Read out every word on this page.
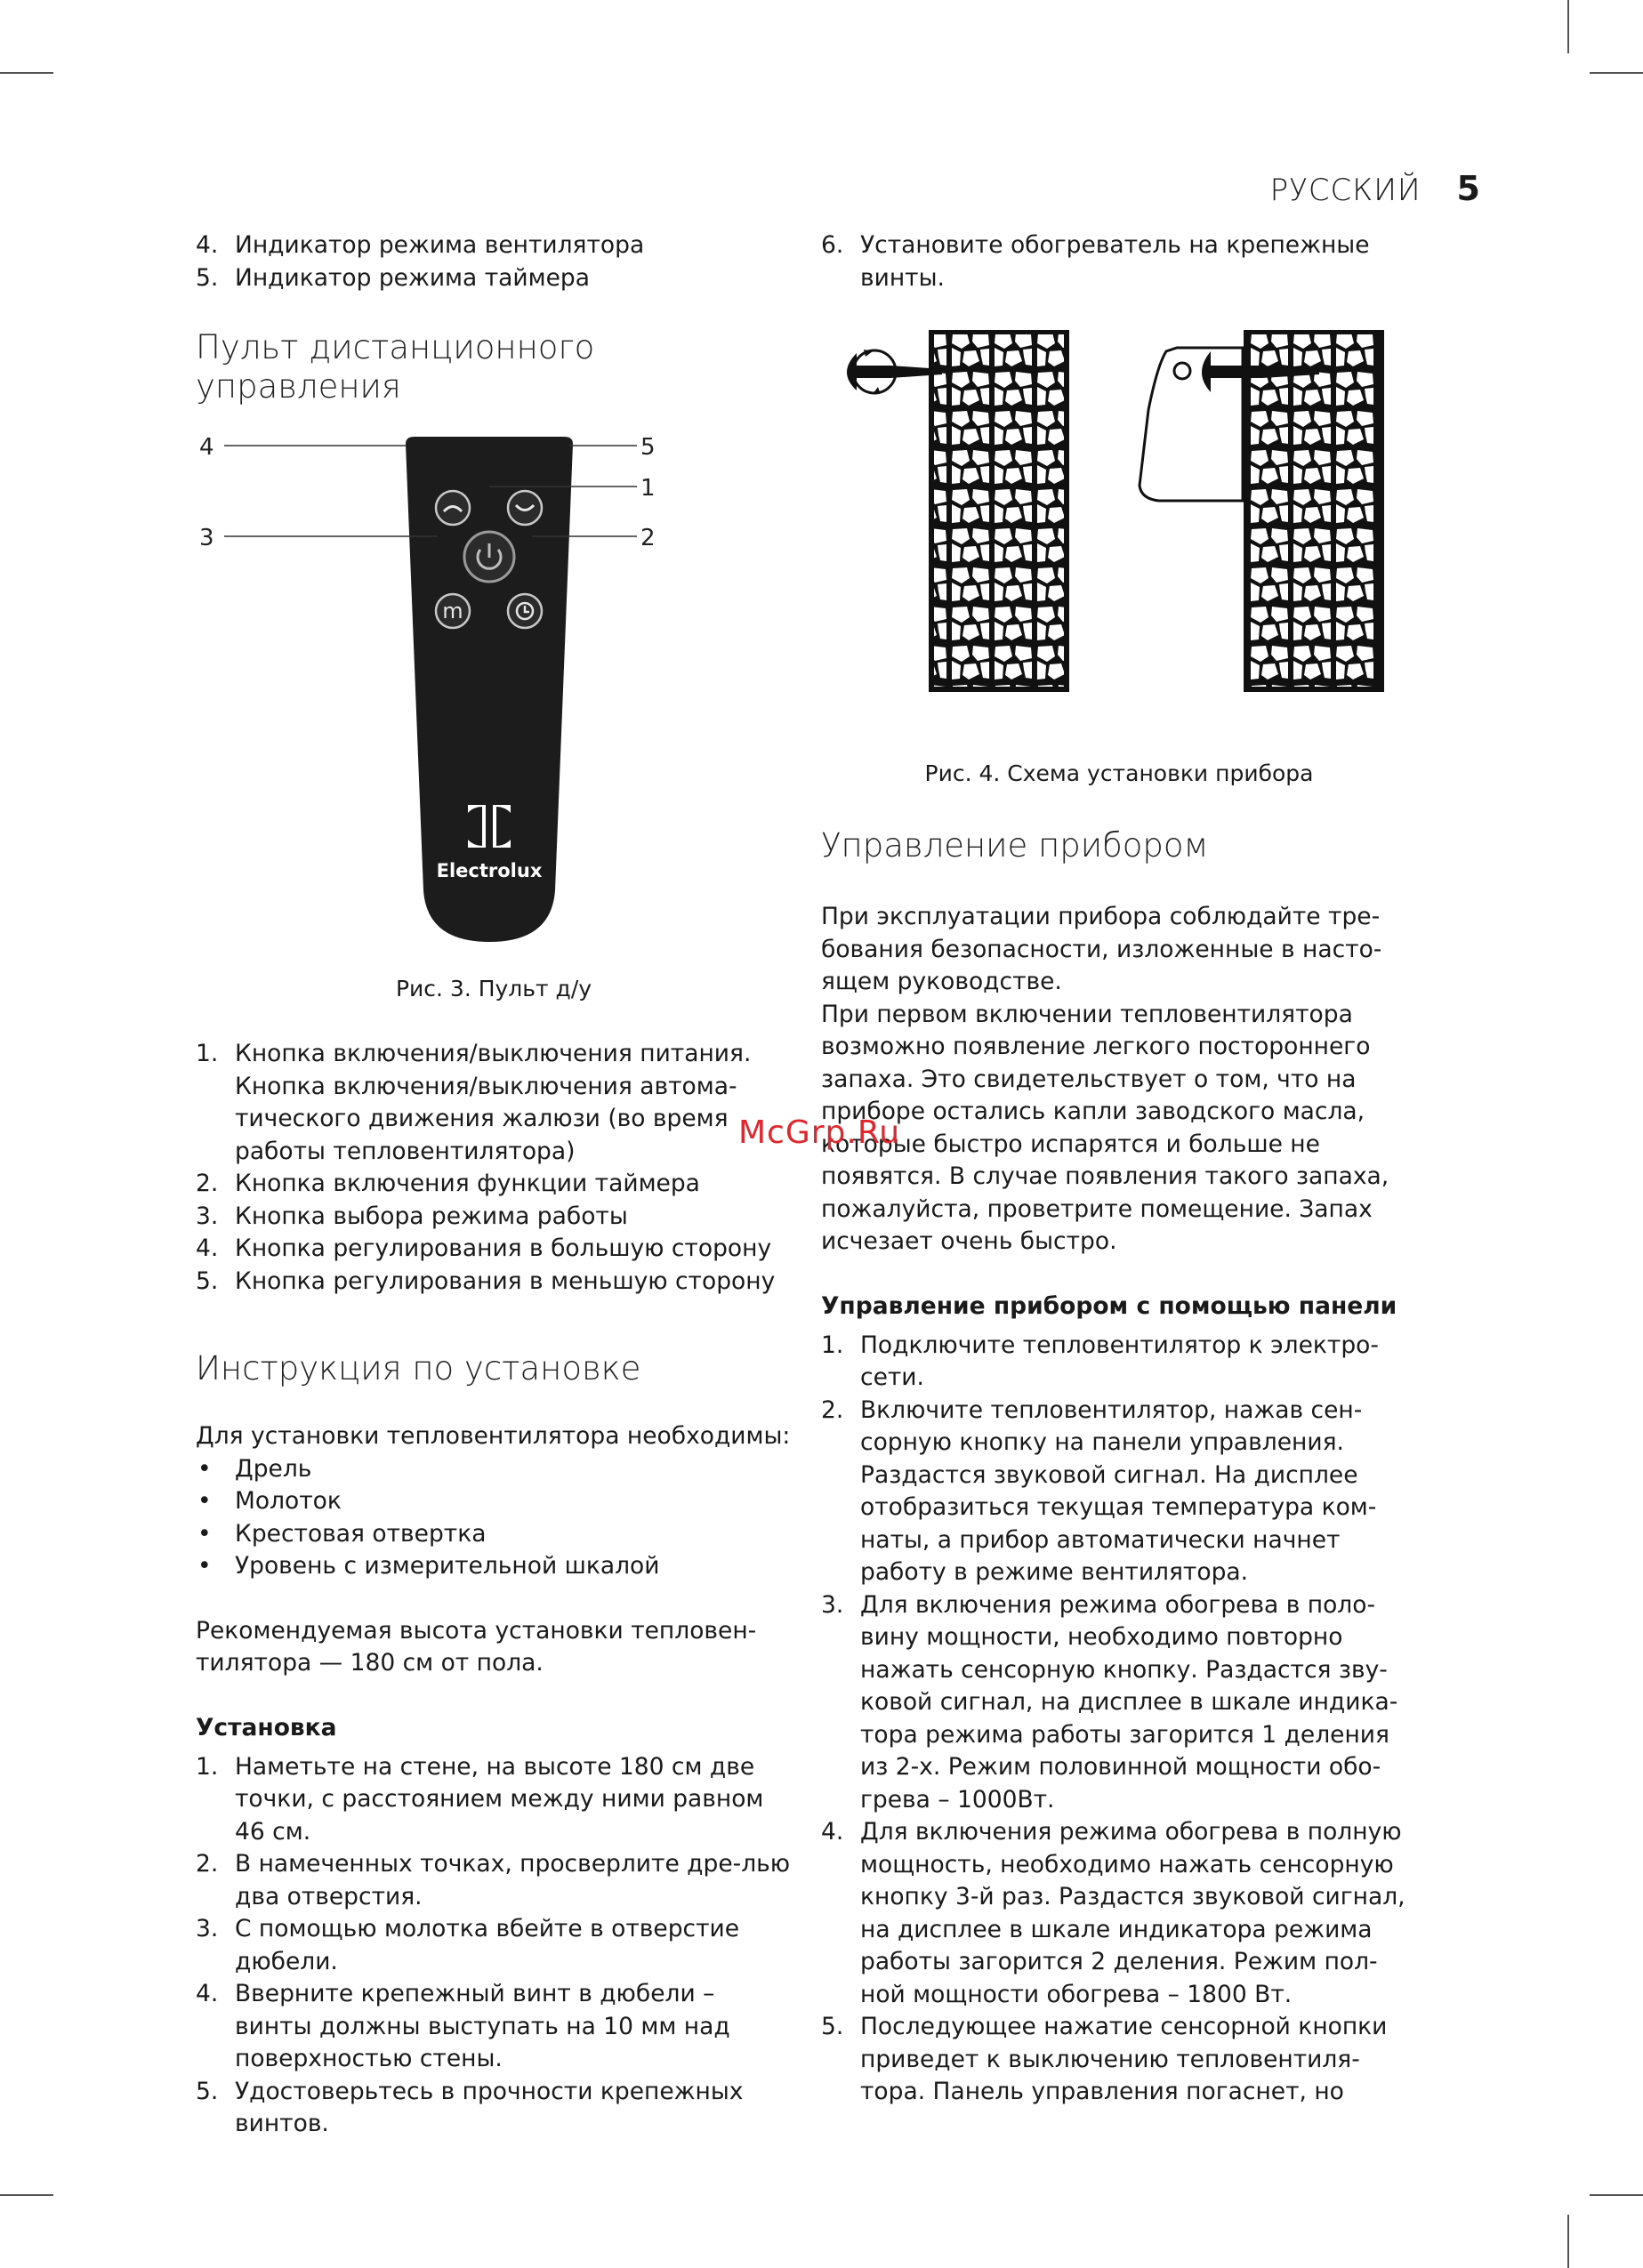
РУССКИЙ 5
4. Индикатор режима вентилятора
5. Индикатор режима таймера
Пульт дистанционного управления
4	5
1
3	2
m
Electrolux

Рис. 3. Пульт д/у

1. Кнопка включения/выключения питания. Кнопка включения/выключения автома-тического движения жалюзи (во время работы тепловентилятора)
2. Кнопка включения функции таймера
3. Кнопка выбора режима работы
4. Кнопка регулирования в большую сторону
5. Кнопка регулирования в меньшую сторону
Инструкция по установке

Для установки тепловентилятора необходимы:

• Дрель
• Молоток
• Крестовая отвертка
• Уровень с измерительной шкалой

Рекомендуемая высота установки тепловен-тилятора — 180 см от пола.

Установка
1. Наметьте на стене, на высоте 180 см две точки, с расстоянием между ними равном 46 см.
2. В намеченных точках, просверлите дре-лью два отверстия.
3. С помощью молотка вбейте в отверстие дюбели.
4. Вверните крепежный винт в дюбели – винты должны выступать на 10 мм над поверхностью стены.
5. Удостоверьтесь в прочности крепежных винтов.
6. Установите обогреватель на крепежные винты.

Рис. 4. Схема установки прибора

Управление прибором

При эксплуатации прибора соблюдайте тре-бования безопасности, изложенные в насто-ящем руководстве.

При первом включении тепловентилятора возможно появление легкого постороннего запаха. Это свидетельствует о том, что на приборе остались капли заводского масла, которые быстро испарятся и больше не появятся. В случае появления такого запаха, пожалуйста, проветрите помещение. Запах исчезает очень быстро.

Управление прибором с помощью панели
1. Подключите тепловентилятор к электро-сети.
2. Включите тепловентилятор, нажав сен-сорную кнопку на панели управления. Раздастся звуковой сигнал. На дисплее отобразиться текущая температура ком-наты, а прибор автоматически начнет работу в режиме вентилятора.
3. Для включения режима обогрева в поло-вину мощности, необходимо повторно нажать сенсорную кнопку. Раздастся зву-ковой сигнал, на дисплее в шкале индика-тора режима работы загорится 1 деления из 2-х. Режим половинной мощности обо-грева – 1000Вт.
4. Для включения режима обогрева в полную мощность, необходимо нажать сенсорную кнопку 3-й раз. Раздастся звуковой сигнал, на дисплее в шкале индикатора режима работы загорится 2 деления. Режим пол-ной мощности обогрева – 1800 Вт.
5. Последующее нажатие сенсорной кнопки приведет к выключению тепловентиля-тора. Панель управления погаснет, но
McGrp.Ru
